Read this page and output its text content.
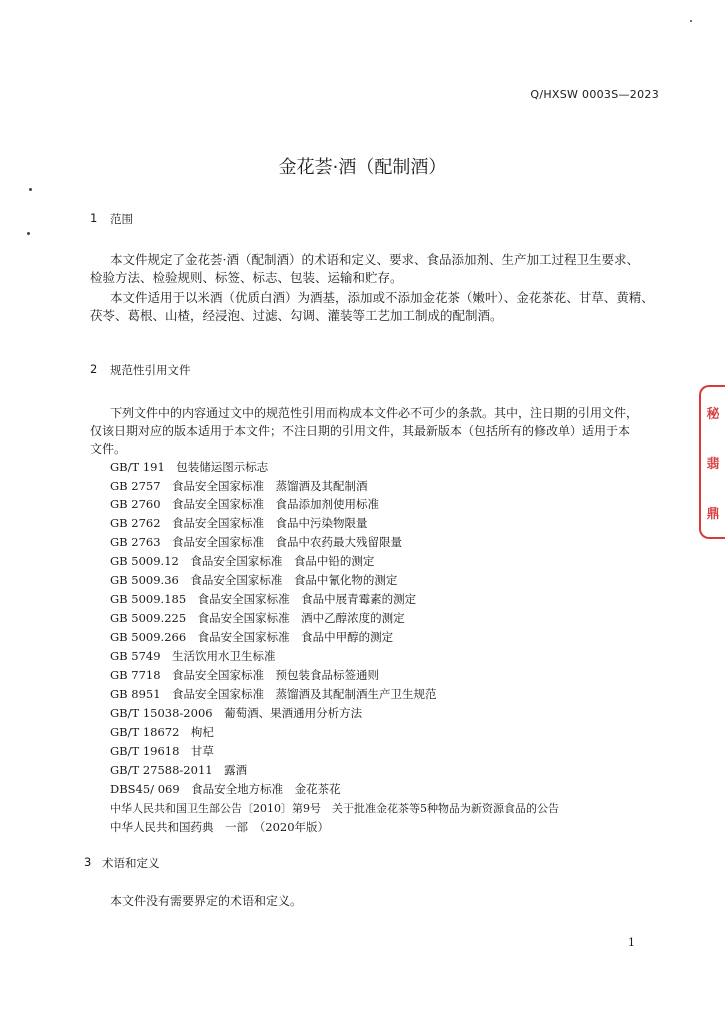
Q/HXSW 0003S—2023
金花荟·酒（配制酒）
1 范围
本文件规定了金花荟·酒（配制酒）的术语和定义、要求、食品添加剂、生产加工过程卫生要求、
检验方法、检验规则、标签、标志、包装、运输和贮存。
本文件适用于以米酒（优质白酒）为酒基，添加或不添加金花茶（嫩叶）、金花茶花、甘草、黄精、
茯苓、葛根、山楂，经浸泡、过滤、勾调、灌装等工艺加工制成的配制酒。
2 规范性引用文件
下列文件中的内容通过文中的规范性引用而构成本文件必不可少的条款。其中，注日期的引用文件，
仅该日期对应的版本适用于本文件；不注日期的引用文件，其最新版本（包括所有的修改单）适用于本
文件。
GB/T 191　包装储运图示标志
GB 2757　食品安全国家标准　蒸馏酒及其配制酒
GB 2760　食品安全国家标准　食品添加剂使用标准
GB 2762　食品安全国家标准　食品中污染物限量
GB 2763　食品安全国家标准　食品中农药最大残留限量
GB 5009.12　食品安全国家标准　食品中铅的测定
GB 5009.36　食品安全国家标准　食品中氰化物的测定
GB 5009.185　食品安全国家标准　食品中展青霉素的测定
GB 5009.225　食品安全国家标准　酒中乙醇浓度的测定
GB 5009.266　食品安全国家标准　食品中甲醇的测定
GB 5749　生活饮用水卫生标准
GB 7718　食品安全国家标准　预包装食品标签通则
GB 8951　食品安全国家标准　蒸馏酒及其配制酒生产卫生规范
GB/T 15038-2006　葡萄酒、果酒通用分析方法
GB/T 18672　枸杞
GB/T 19618　甘草
GB/T 27588-2011　露酒
DBS45/ 069　食品安全地方标准　金花茶花
中华人民共和国卫生部公告〔2010〕第9号　关于批准金花茶等5种物品为新资源食品的公告
中华人民共和国药典　一部　（2020年版）
3 术语和定义
本文件没有需要界定的术语和定义。
1
秘
翡
鼎
